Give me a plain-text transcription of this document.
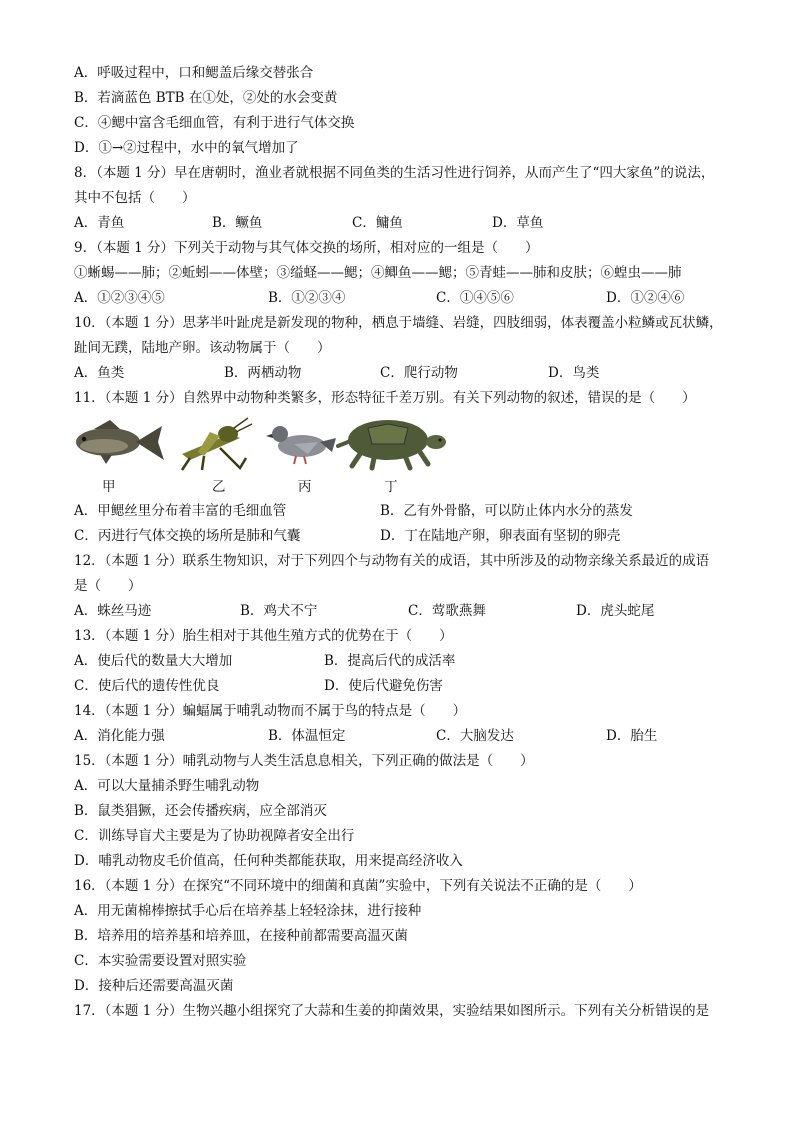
A．呼吸过程中，口和鳃盖后缘交替张合
B．若滴蓝色 BTB 在①处，②处的水会变黄
C．④鳃中富含毛细血管，有利于进行气体交换
D．①→②过程中，水中的氧气增加了
8．（本题 1 分）早在唐朝时，渔业者就根据不同鱼类的生活习性进行饲养，从而产生了“四大家鱼”的说法，
其中不包括（　　）
A．青鱼	B．鳜鱼	C．鳙鱼	D．草鱼
9．（本题 1 分）下列关于动物与其气体交换的场所，相对应的一组是（　　）
①蜥蜴——肺；②蚯蚓——体壁；③缢蛏——鳃；④鲫鱼——鳃；⑤青蛙——肺和皮肤；⑥蝗虫——肺
A．①②③④⑤	B．①②③④	C．①④⑤⑥	D．①②④⑥
10．（本题 1 分）思茅半叶趾虎是新发现的物种，栖息于墙缝、岩缝，四肢细弱，体表覆盖小粒鳞或瓦状鳞，
趾间无蹼，陆地产卵。该动物属于（　　）
A．鱼类	B．两栖动物	C．爬行动物	D．鸟类
11．（本题 1 分）自然界中动物种类繁多，形态特征千差万别。有关下列动物的叙述，错误的是（　　）
甲	乙	丙	丁
A．甲鳃丝里分布着丰富的毛细血管	B．乙有外骨骼，可以防止体内水分的蒸发
C．丙进行气体交换的场所是肺和气囊	D．丁在陆地产卵，卵表面有坚韧的卵壳
12．（本题 1 分）联系生物知识，对于下列四个与动物有关的成语，其中所涉及的动物亲缘关系最近的成语
是（　　）
A．蛛丝马迹	B．鸡犬不宁	C．莺歌燕舞	D．虎头蛇尾
13．（本题 1 分）胎生相对于其他生殖方式的优势在于（　　）
A．使后代的数量大大增加	B．提高后代的成活率
C．使后代的遗传性优良	D．使后代避免伤害
14．（本题 1 分）蝙蝠属于哺乳动物而不属于鸟的特点是（　　）
A．消化能力强	B．体温恒定	C．大脑发达	D．胎生
15．（本题 1 分）哺乳动物与人类生活息息相关，下列正确的做法是（　　）
A．可以大量捕杀野生哺乳动物
B．鼠类猖獗，还会传播疾病，应全部消灭
C．训练导盲犬主要是为了协助视障者安全出行
D．哺乳动物皮毛价值高，任何种类都能获取，用来提高经济收入
16．（本题 1 分）在探究“不同环境中的细菌和真菌”实验中，下列有关说法不正确的是（　　）
A．用无菌棉棒擦拭手心后在培养基上轻轻涂抹，进行接种
B．培养用的培养基和培养皿，在接种前都需要高温灭菌
C．本实验需要设置对照实验
D．接种后还需要高温灭菌
17．（本题 1 分）生物兴趣小组探究了大蒜和生姜的抑菌效果，实验结果如图所示。下列有关分析错误的是
